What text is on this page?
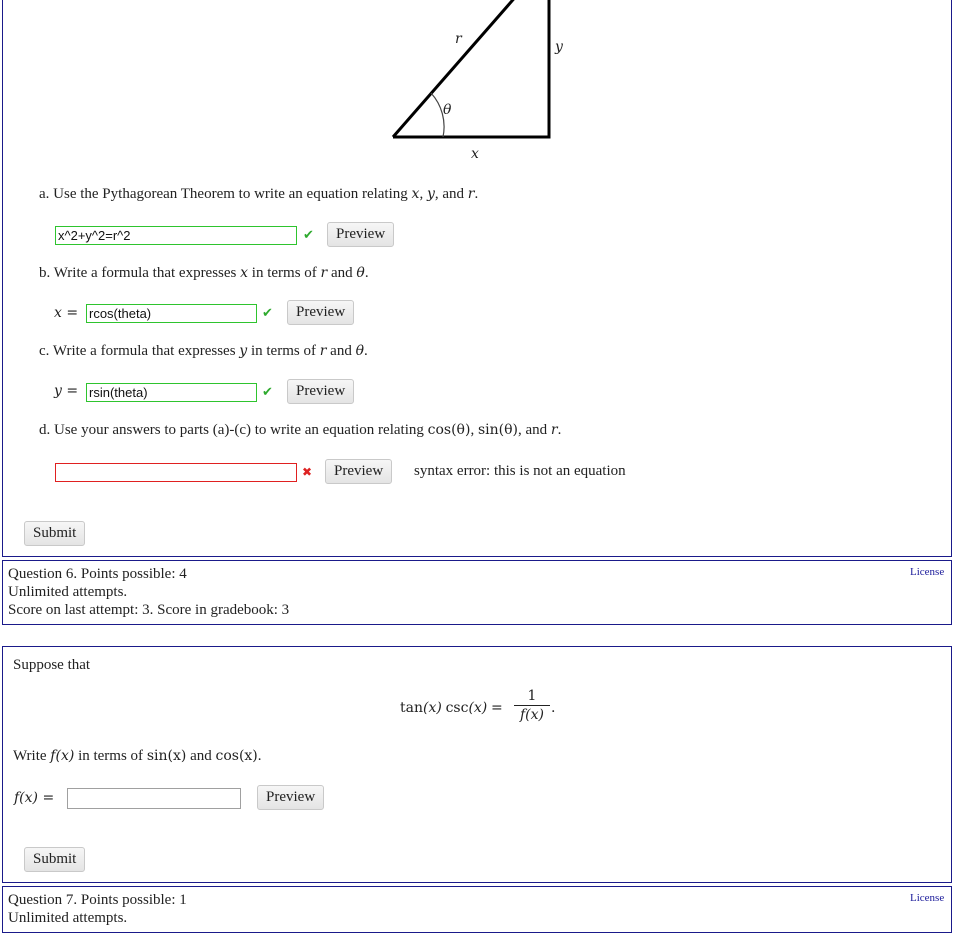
r	y
θ
x
a. Use the Pythagorean Theorem to write an equation relating x, y, and r.
x^2+y^2=r^2	✔	Preview
b. Write a formula that expresses x in terms of r and θ.
x = rcos(theta)	✔	Preview
c. Write a formula that expresses y in terms of r and θ.
y = rsin(theta)	✔	Preview
d. Use your answers to parts (a)-(c) to write an equation relating cos(θ), sin(θ), and r.
✖	Preview	syntax error: this is not an equation
Submit
Question 6. Points possible: 4
Unlimited attempts.
Score on last attempt: 3. Score in gradebook: 3
License
Suppose that
tan(x) $\csc(x) = \frac{1}{f(x)}$ .
Write f(x) in terms of sin(x) and cos(x).
f(x) =	Preview
Submit
Question 7. Points possible: 1
Unlimited attempts.
License
